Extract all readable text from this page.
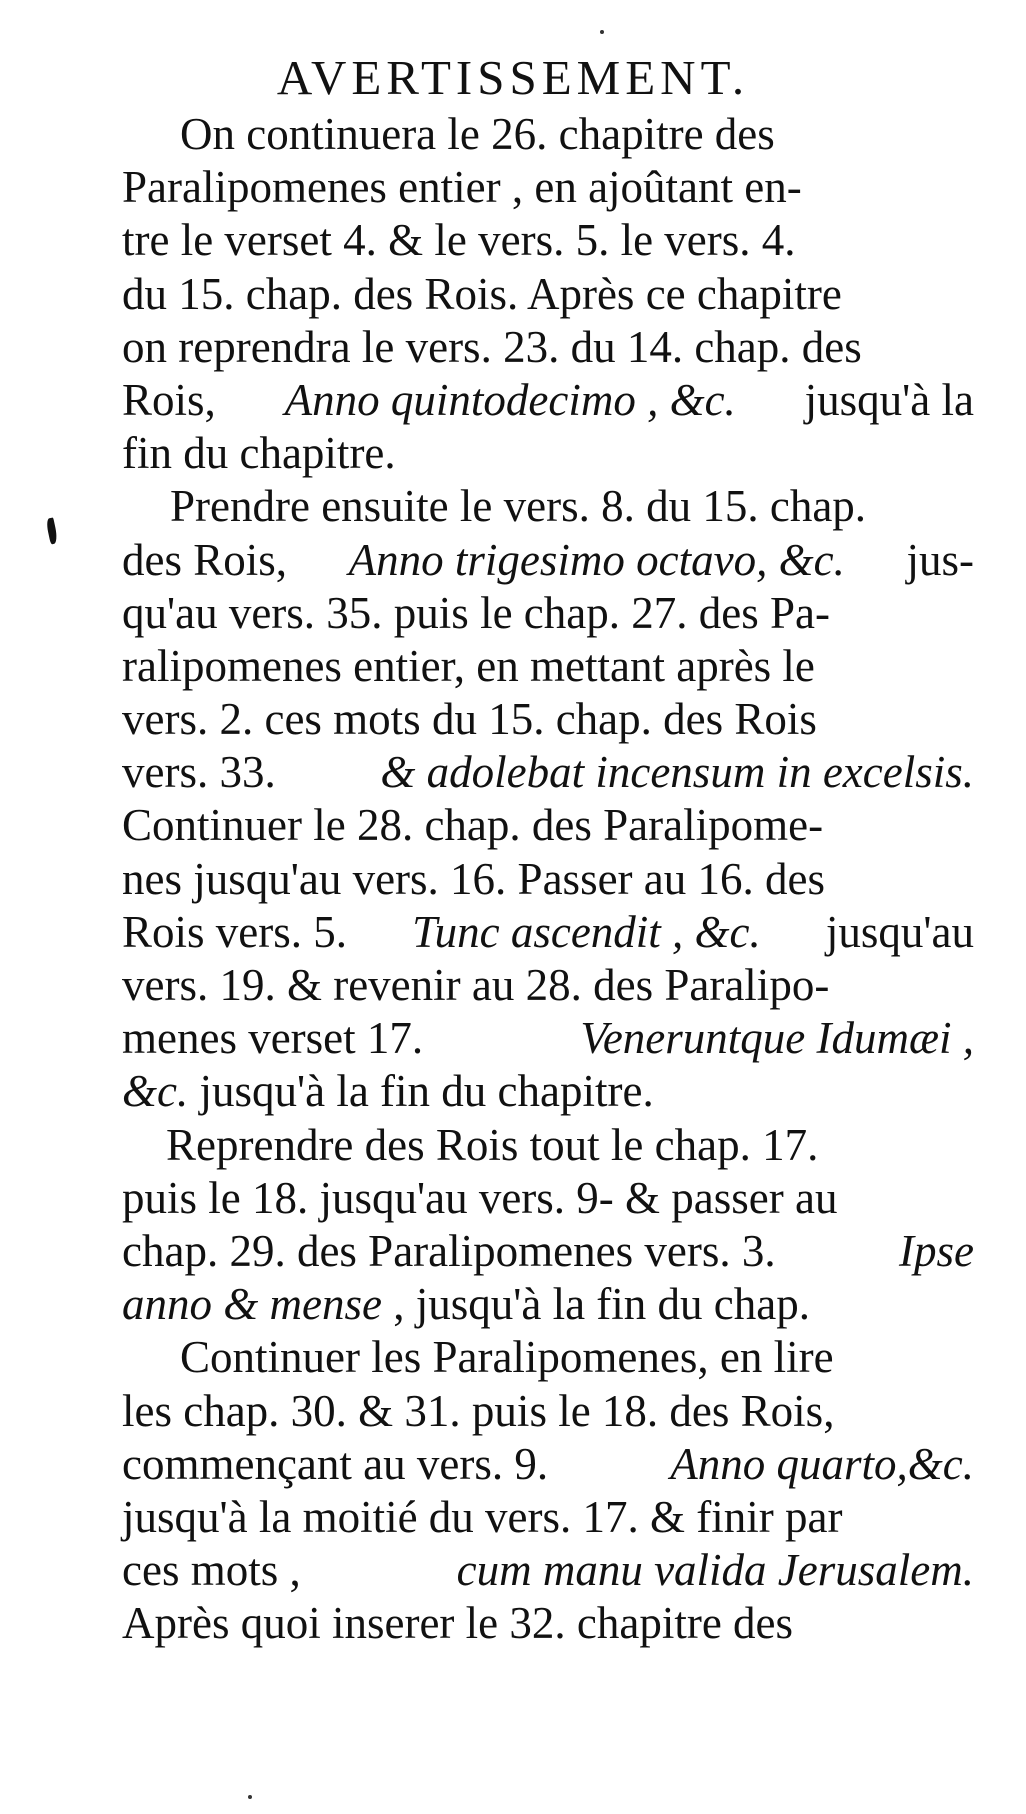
AVERTISSEMENT.
On continuera le 26. chapitre des
Paralipomenes entier , en ajoûtant en-
tre le verset 4. & le vers. 5. le vers. 4.
du 15. chap. des Rois. Après ce chapitre
on reprendra le vers. 23. du 14. chap. des
Rois, Anno quintodecimo , &c. jusqu'à la
fin du chapitre.
Prendre ensuite le vers. 8. du 15. chap.
des Rois, Anno trigesimo octavo, &c. jus-
qu'au vers. 35. puis le chap. 27. des Pa-
ralipomenes entier, en mettant après le
vers. 2. ces mots du 15. chap. des Rois
vers. 33. & adolebat incensum in excelsis.
Continuer le 28. chap. des Paralipome-
nes jusqu'au vers. 16. Passer au 16. des
Rois vers. 5. Tunc ascendit , &c. jusqu'au
vers. 19. & revenir au 28. des Paralipo-
menes verset 17.	Veneruntque Idumæi ,
&c. jusqu'à la fin du chapitre.
Reprendre des Rois tout le chap. 17.
puis le 18. jusqu'au vers. 9- & passer au
chap. 29. des Paralipomenes vers. 3. Ipse
anno & mense , jusqu'à la fin du chap.
Continuer les Paralipomenes, en lire
les chap. 30. & 31. puis le 18. des Rois,
commençant au vers. 9. Anno quarto,&c.
jusqu'à la moitié du vers. 17. & finir par
ces mots ,	cum manu valida Jerusalem.
Après quoi inserer le 32. chapitre des
